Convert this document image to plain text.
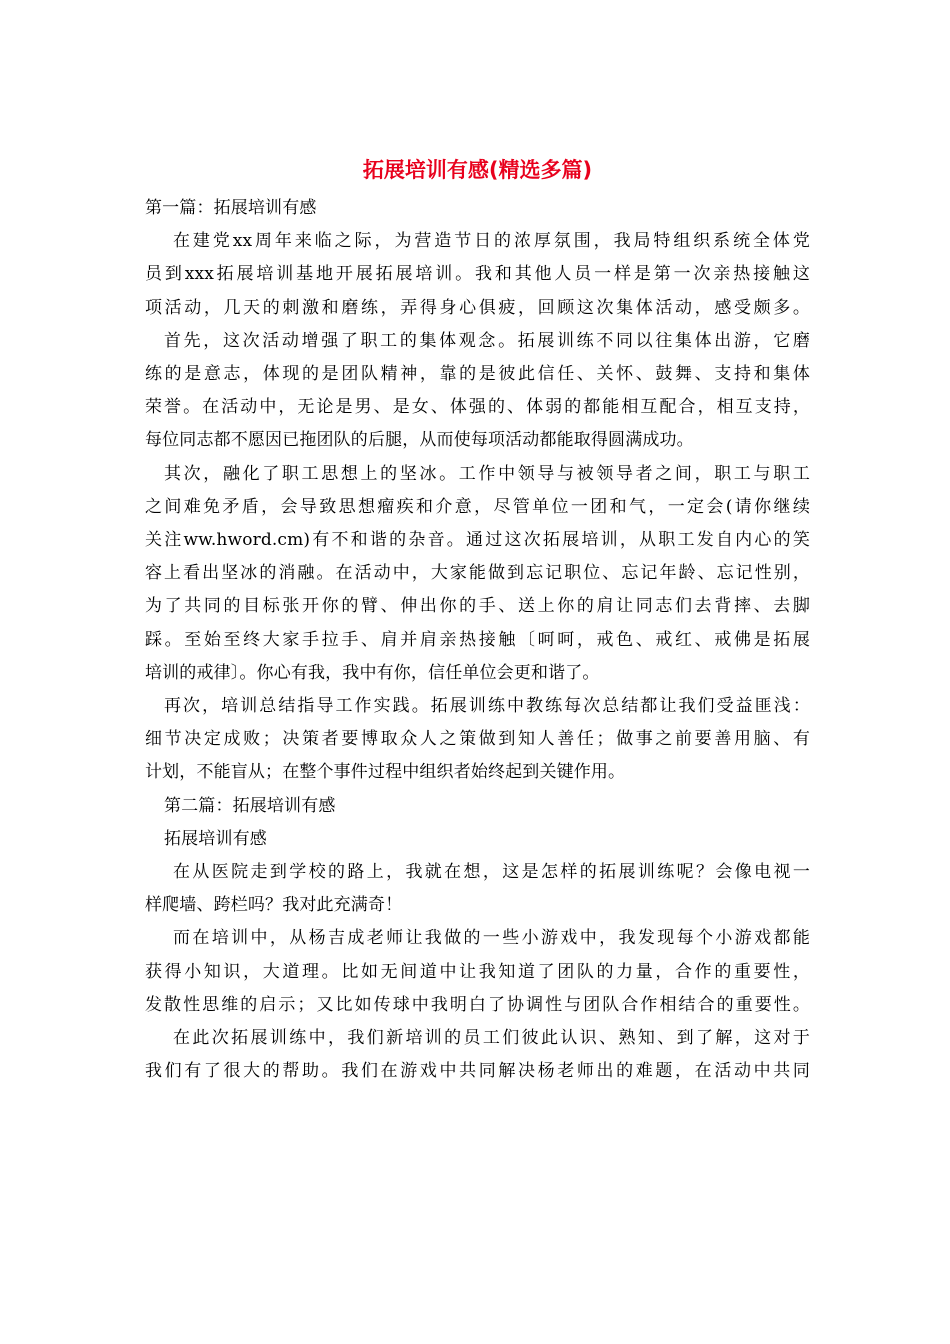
拓展培训有感(精选多篇)

第一篇：拓展培训有感

在建党xx周年来临之际，为营造节日的浓厚氛围，我局特组织系统全体党

员到xxx拓展培训基地开展拓展培训。我和其他人员一样是第一次亲热接触这

项活动，几天的刺激和磨练，弄得身心俱疲，回顾这次集体活动，感受颇多。

首先，这次活动增强了职工的集体观念。拓展训练不同以往集体出游，它磨

练的是意志，体现的是团队精神，靠的是彼此信任、关怀、鼓舞、支持和集体

荣誉。在活动中，无论是男、是女、体强的、体弱的都能相互配合，相互支持，

每位同志都不愿因已拖团队的后腿，从而使每项活动都能取得圆满成功。

其次，融化了职工思想上的坚冰。工作中领导与被领导者之间，职工与职工

之间难免矛盾，会导致思想瘤疾和介意，尽管单位一团和气，一定会(请你继续

关注ww.hword.cm)有不和谐的杂音。通过这次拓展培训，从职工发自内心的笑

容上看出坚冰的消融。在活动中，大家能做到忘记职位、忘记年龄、忘记性别，

为了共同的目标张开你的臂、伸出你的手、送上你的肩让同志们去背摔、去脚

踩。至始至终大家手拉手、肩并肩亲热接触〔呵呵，戒色、戒红、戒佛是拓展

培训的戒律〕。你心有我，我中有你，信任单位会更和谐了。

再次，培训总结指导工作实践。拓展训练中教练每次总结都让我们受益匪浅：

细节决定成败；决策者要博取众人之策做到知人善任；做事之前要善用脑、有

计划，不能盲从；在整个事件过程中组织者始终起到关键作用。

第二篇：拓展培训有感

拓展培训有感

在从医院走到学校的路上，我就在想，这是怎样的拓展训练呢？会像电视一

样爬墙、跨栏吗？我对此充满奇！

而在培训中，从杨吉成老师让我做的一些小游戏中，我发现每个小游戏都能

获得小知识，大道理。比如无间道中让我知道了团队的力量，合作的重要性，

发散性思维的启示；又比如传球中我明白了协调性与团队合作相结合的重要性。

在此次拓展训练中，我们新培训的员工们彼此认识、熟知、到了解，这对于

我们有了很大的帮助。我们在游戏中共同解决杨老师出的难题，在活动中共同
